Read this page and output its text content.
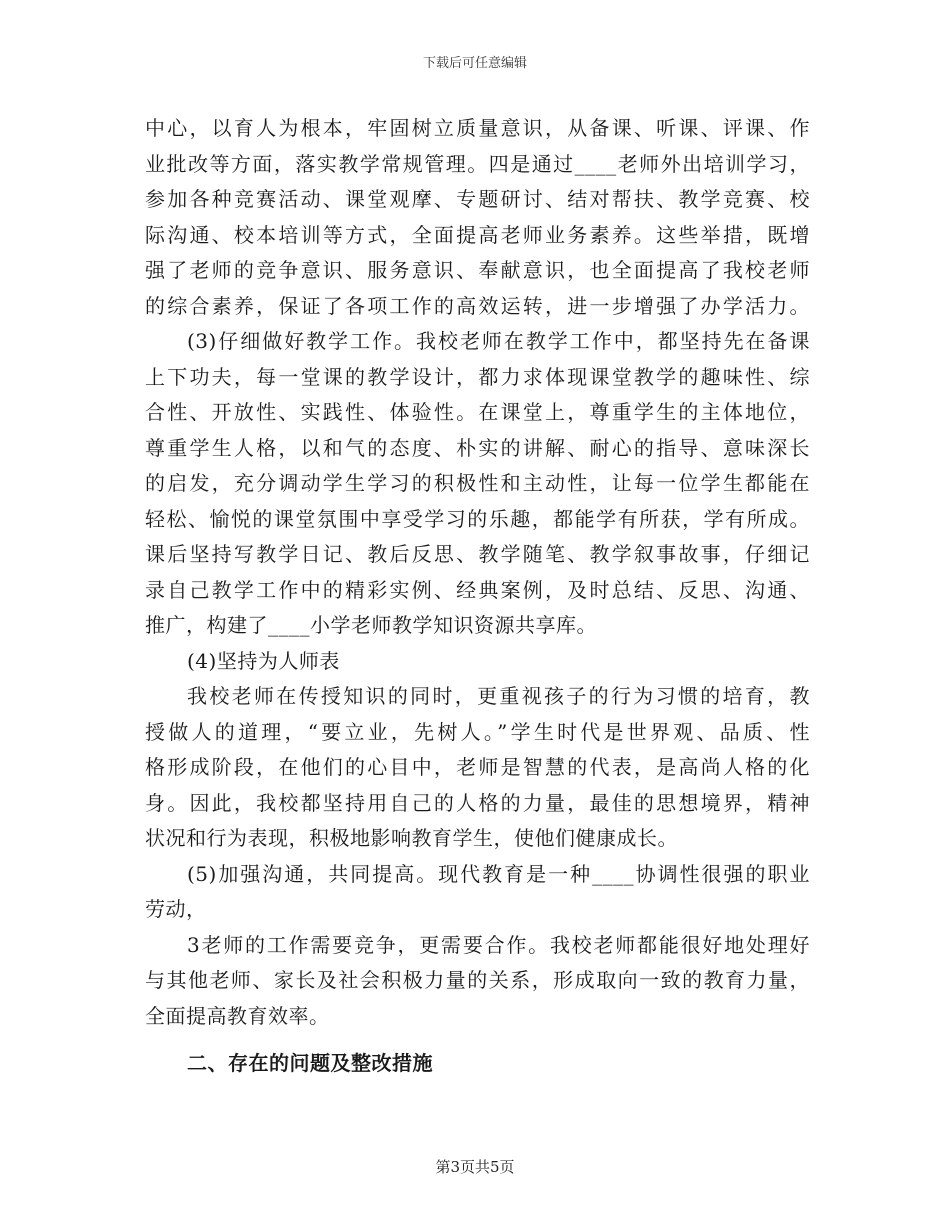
下载后可任意编辑
中心，以育人为根本，牢固树立质量意识，从备课、听课、评课、作
业批改等方面，落实教学常规管理。四是通过____老师外出培训学习，
参加各种竞赛活动、课堂观摩、专题研讨、结对帮扶、教学竞赛、校
际沟通、校本培训等方式，全面提高老师业务素养。这些举措，既增
强了老师的竞争意识、服务意识、奉献意识，也全面提高了我校老师
的综合素养，保证了各项工作的高效运转，进一步增强了办学活力。
(3)仔细做好教学工作。我校老师在教学工作中，都坚持先在备课
上下功夫，每一堂课的教学设计，都力求体现课堂教学的趣味性、综
合性、开放性、实践性、体验性。在课堂上，尊重学生的主体地位，
尊重学生人格，以和气的态度、朴实的讲解、耐心的指导、意味深长
的启发，充分调动学生学习的积极性和主动性，让每一位学生都能在
轻松、愉悦的课堂氛围中享受学习的乐趣，都能学有所获，学有所成。
课后坚持写教学日记、教后反思、教学随笔、教学叙事故事，仔细记
录自己教学工作中的精彩实例、经典案例，及时总结、反思、沟通、
推广，构建了____小学老师教学知识资源共享库。
(4)坚持为人师表
我校老师在传授知识的同时，更重视孩子的行为习惯的培育，教
授做人的道理，“要立业，先树人。”学生时代是世界观、品质、性
格形成阶段，在他们的心目中，老师是智慧的代表，是高尚人格的化
身。因此，我校都坚持用自己的人格的力量，最佳的思想境界，精神
状况和行为表现，积极地影响教育学生，使他们健康成长。
(5)加强沟通，共同提高。现代教育是一种____协调性很强的职业
劳动，
3老师的工作需要竞争，更需要合作。我校老师都能很好地处理好
与其他老师、家长及社会积极力量的关系，形成取向一致的教育力量，
全面提高教育效率。
二、存在的问题及整改措施
第3页共5页
